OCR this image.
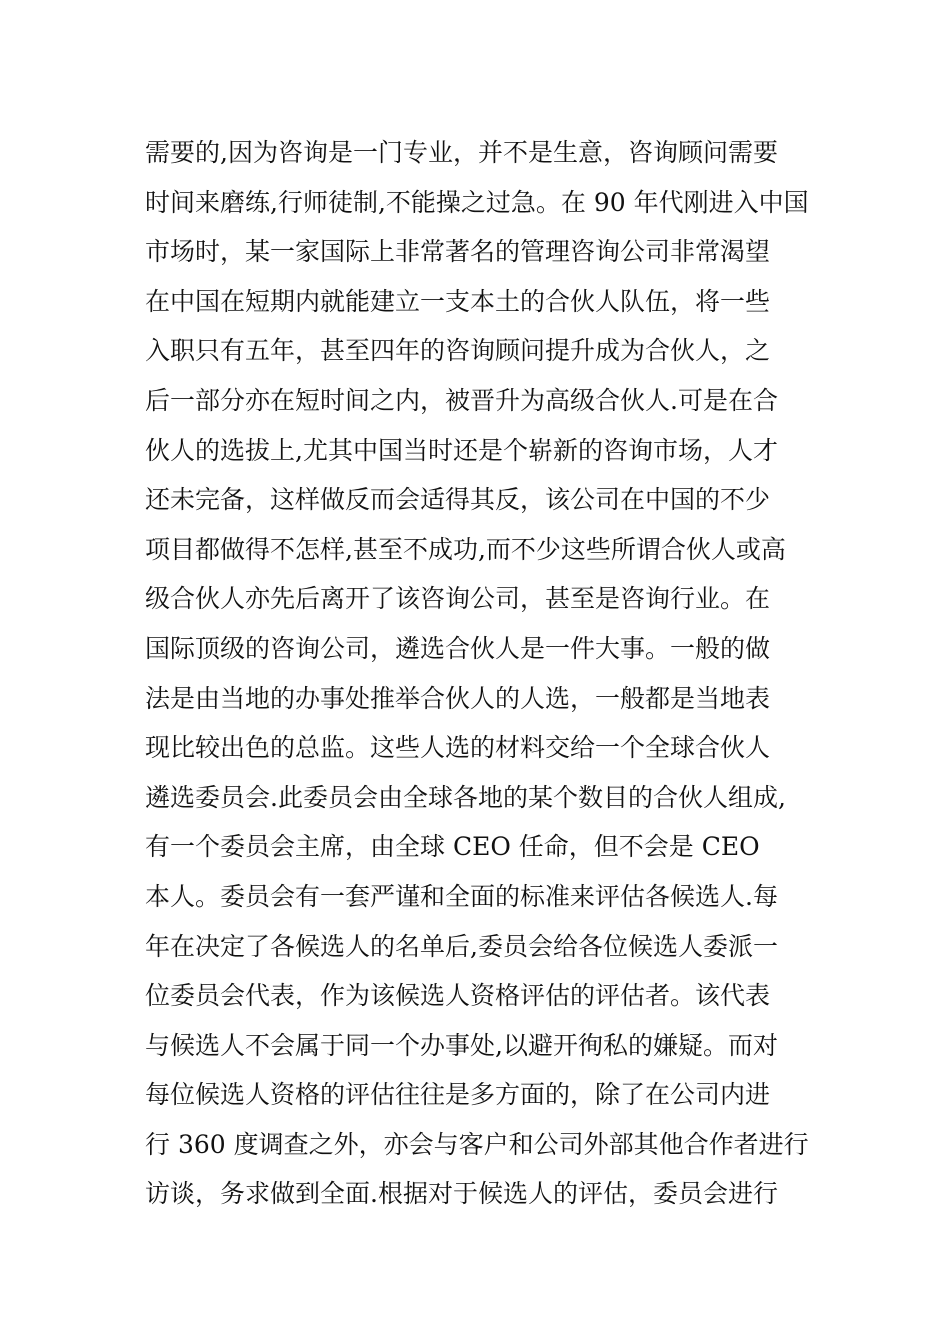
需要的,因为咨询是一门专业，并不是生意，咨询顾问需要
时间来磨练,行师徒制,不能操之过急。在 90 年代刚进入中国
市场时，某一家国际上非常著名的管理咨询公司非常渴望
在中国在短期内就能建立一支本土的合伙人队伍，将一些
入职只有五年，甚至四年的咨询顾问提升成为合伙人，之
后一部分亦在短时间之内，被晋升为高级合伙人.可是在合
伙人的选拔上,尤其中国当时还是个崭新的咨询市场，人才
还未完备，这样做反而会适得其反，该公司在中国的不少
项目都做得不怎样,甚至不成功,而不少这些所谓合伙人或高
级合伙人亦先后离开了该咨询公司，甚至是咨询行业。在
国际顶级的咨询公司，遴选合伙人是一件大事。一般的做
法是由当地的办事处推举合伙人的人选，一般都是当地表
现比较出色的总监。这些人选的材料交给一个全球合伙人
遴选委员会.此委员会由全球各地的某个数目的合伙人组成,
有一个委员会主席，由全球 CEO 任命，但不会是 CEO
本人。委员会有一套严谨和全面的标准来评估各候选人.每
年在决定了各候选人的名单后,委员会给各位候选人委派一
位委员会代表，作为该候选人资格评估的评估者。该代表
与候选人不会属于同一个办事处,以避开徇私的嫌疑。而对
每位候选人资格的评估往往是多方面的，除了在公司内进
行 360 度调查之外，亦会与客户和公司外部其他合作者进行
访谈，务求做到全面.根据对于候选人的评估，委员会进行
